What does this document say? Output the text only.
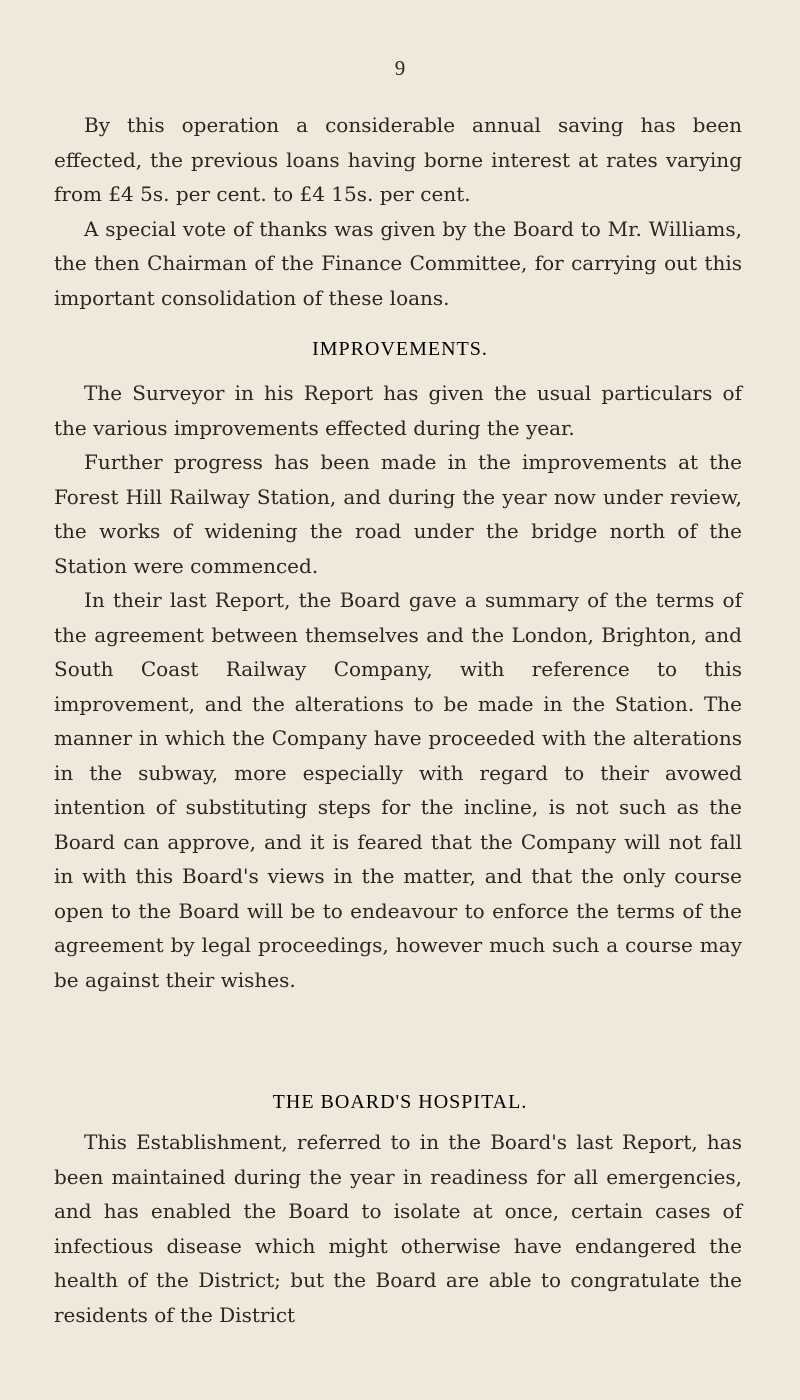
9

By this operation a considerable annual saving has been effected, the previous loans having borne interest at rates varying from £4 5s. per cent. to £4 15s. per cent.

A special vote of thanks was given by the Board to Mr. Williams, the then Chairman of the Finance Committee, for carrying out this important consolidation of these loans.

IMPROVEMENTS.

The Surveyor in his Report has given the usual particulars of the various improvements effected during the year.

Further progress has been made in the improvements at the Forest Hill Railway Station, and during the year now under review, the works of widening the road under the bridge north of the Station were commenced.

In their last Report, the Board gave a summary of the terms of the agreement between themselves and the London, Brighton, and South Coast Railway Company, with reference to this improvement, and the alterations to be made in the Station. The manner in which the Company have proceeded with the alterations in the subway, more especially with regard to their avowed intention of substituting steps for the incline, is not such as the Board can approve, and it is feared that the Company will not fall in with this Board's views in the matter, and that the only course open to the Board will be to endeavour to enforce the terms of the agreement by legal proceedings, however much such a course may be against their wishes.

THE BOARD'S HOSPITAL.

This Establishment, referred to in the Board's last Report, has been maintained during the year in readiness for all emergencies, and has enabled the Board to isolate at once, certain cases of infectious disease which might otherwise have endangered the health of the District; but the Board are able to congratulate the residents of the District
